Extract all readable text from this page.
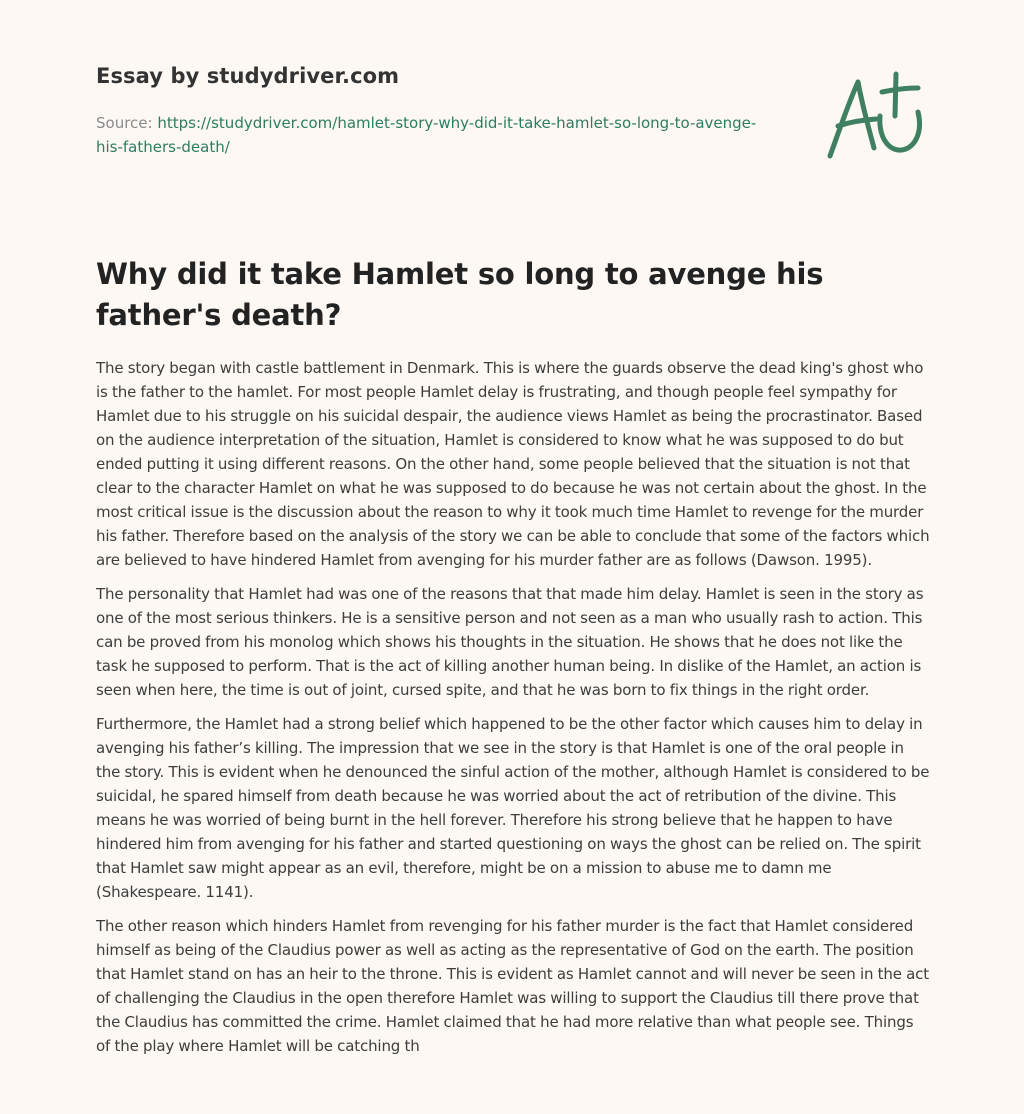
Essay by studydriver.com
Source: https://studydriver.com/hamlet-story-why-did-it-take-hamlet-so-long-to-avenge-his-fathers-death/
Why did it take Hamlet so long to avenge his father's death?

The story began with castle battlement in Denmark. This is where the guards observe the dead king's ghost who is the father to the hamlet. For most people Hamlet delay is frustrating, and though people feel sympathy for Hamlet due to his struggle on his suicidal despair, the audience views Hamlet as being the procrastinator. Based on the audience interpretation of the situation, Hamlet is considered to know what he was supposed to do but ended putting it using different reasons. On the other hand, some people believed that the situation is not that clear to the character Hamlet on what he was supposed to do because he was not certain about the ghost. In the most critical issue is the discussion about the reason to why it took much time Hamlet to revenge for the murder his father. Therefore based on the analysis of the story we can be able to conclude that some of the factors which are believed to have hindered Hamlet from avenging for his murder father are as follows (Dawson. 1995).

The personality that Hamlet had was one of the reasons that that made him delay. Hamlet is seen in the story as one of the most serious thinkers. He is a sensitive person and not seen as a man who usually rash to action. This can be proved from his monolog which shows his thoughts in the situation. He shows that he does not like the task he supposed to perform. That is the act of killing another human being. In dislike of the Hamlet, an action is seen when here, the time is out of joint, cursed spite, and that he was born to fix things in the right order.

Furthermore, the Hamlet had a strong belief which happened to be the other factor which causes him to delay in avenging his father’s killing. The impression that we see in the story is that Hamlet is one of the oral people in the story. This is evident when he denounced the sinful action of the mother, although Hamlet is considered to be suicidal, he spared himself from death because he was worried about the act of retribution of the divine. This means he was worried of being burnt in the hell forever. Therefore his strong believe that he happen to have hindered him from avenging for his father and started questioning on ways the ghost can be relied on. The spirit that Hamlet saw might appear as an evil, therefore, might be on a mission to abuse me to damn me (Shakespeare. 1141).

The other reason which hinders Hamlet from revenging for his father murder is the fact that Hamlet considered himself as being of the Claudius power as well as acting as the representative of God on the earth. The position that Hamlet stand on has an heir to the throne. This is evident as Hamlet cannot and will never be seen in the act of challenging the Claudius in the open therefore Hamlet was willing to support the Claudius till there prove that the Claudius has committed the crime. Hamlet claimed that he had more relative than what people see. Things of the play where Hamlet will be catching th
